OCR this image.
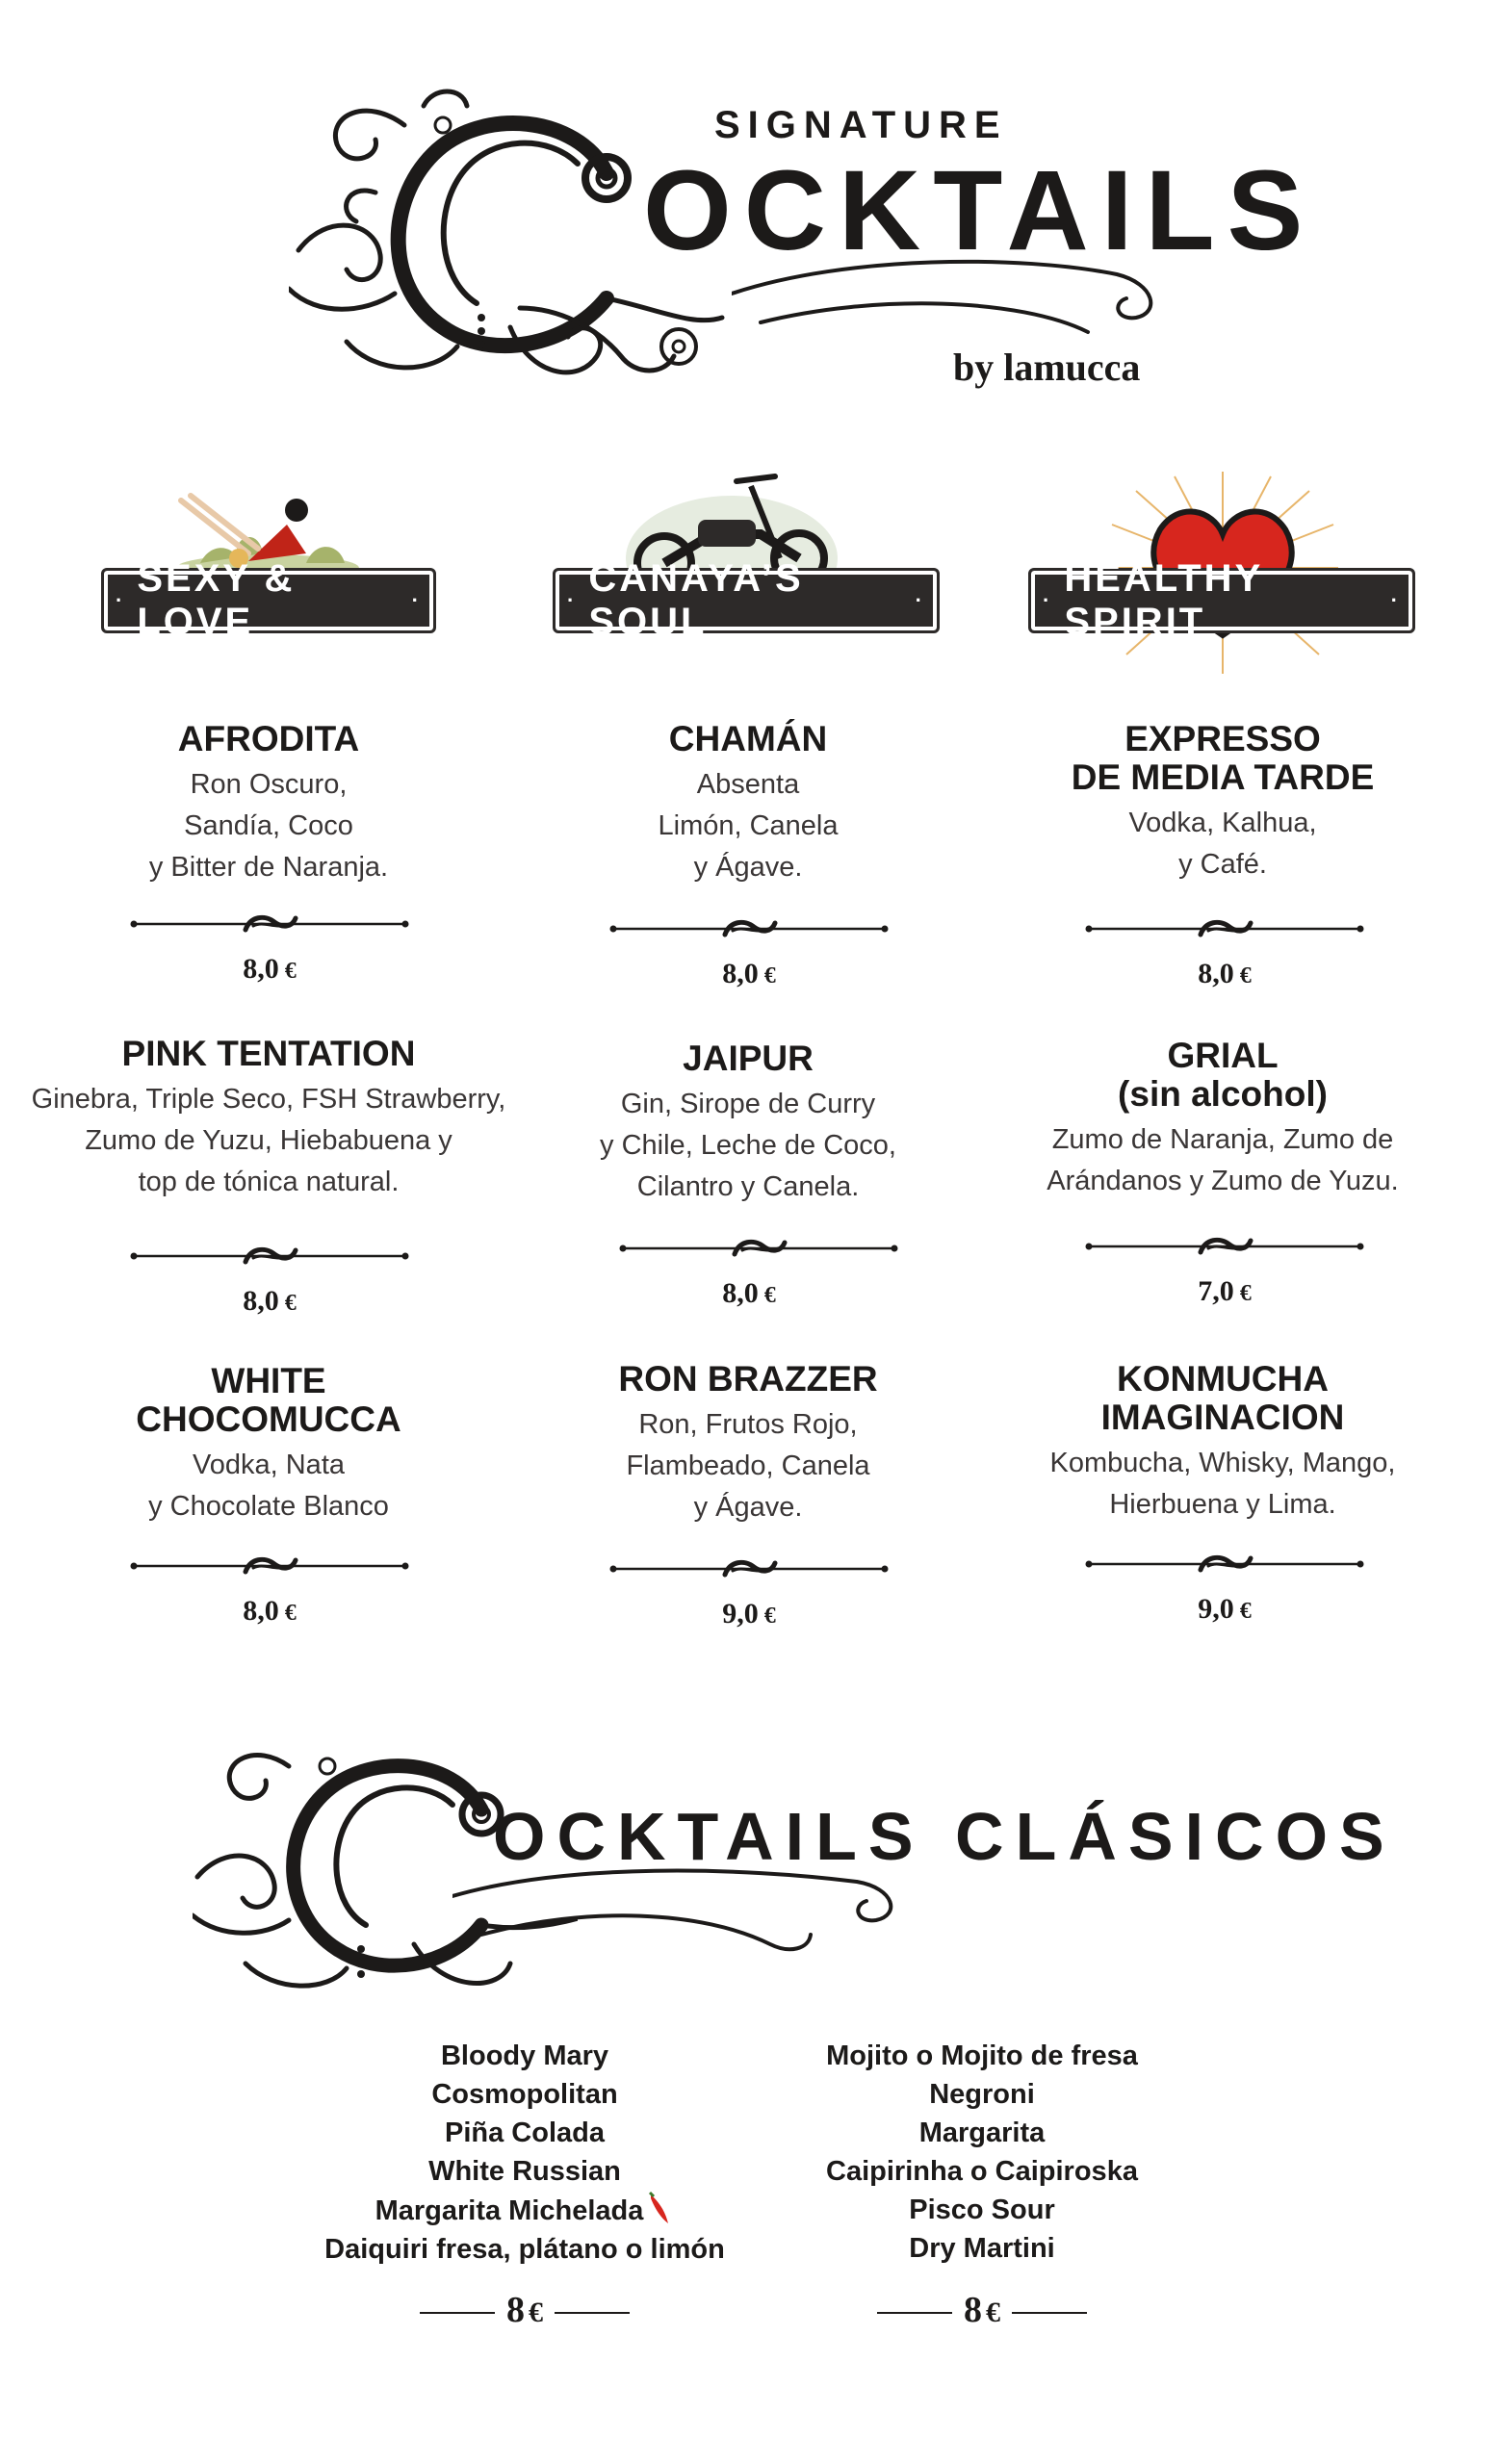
SIGNATURE
OCKTAILS
by lamucca
·
SEXY & LOVE
·	·
CANAYA’S SOUL
·	·
HEALTHY SPIRIT
·
AFRODITA
Ron Oscuro,
Sandía, Coco
y Bitter de Naranja.
CHAMÁN
Absenta
Limón, Canela
y Ágave.
EXPRESSO
DE MEDIA TARDE
Vodka, Kalhua,
y Café.
PINK TENTATION
Ginebra, Triple Seco, FSH Strawberry,
Zumo de Yuzu, Hiebabuena y
top de tónica natural.
JAIPUR
Gin, Sirope de Curry
y Chile, Leche de Coco,
Cilantro y Canela.
GRIAL
(sin alcohol)
Zumo de Naranja, Zumo de
Arándanos y Zumo de Yuzu.
WHITE
CHOCOMUCCA
Vodka, Nata
y Chocolate Blanco
RON BRAZZER
Ron, Frutos Rojo,
Flambeado, Canela
y Ágave.
KONMUCHA
IMAGINACION
Kombucha, Whisky, Mango,
Hierbuena y Lima.
8,0 €	8,0 €	8,0 €
8,0 €	8,0 €	7,0 €
8,0 €	9,0 €	9,0 €
OCKTAILS CLÁSICOS
Bloody Mary
Cosmopolitan
Piña Colada
White Russian
Margarita Michelada
Daiquiri fresa, plátano o limón
Mojito o Mojito de fresa
Negroni
Margarita
Caipirinha o Caipiroska
Pisco Sour
Dry Martini
8 €	8 €
